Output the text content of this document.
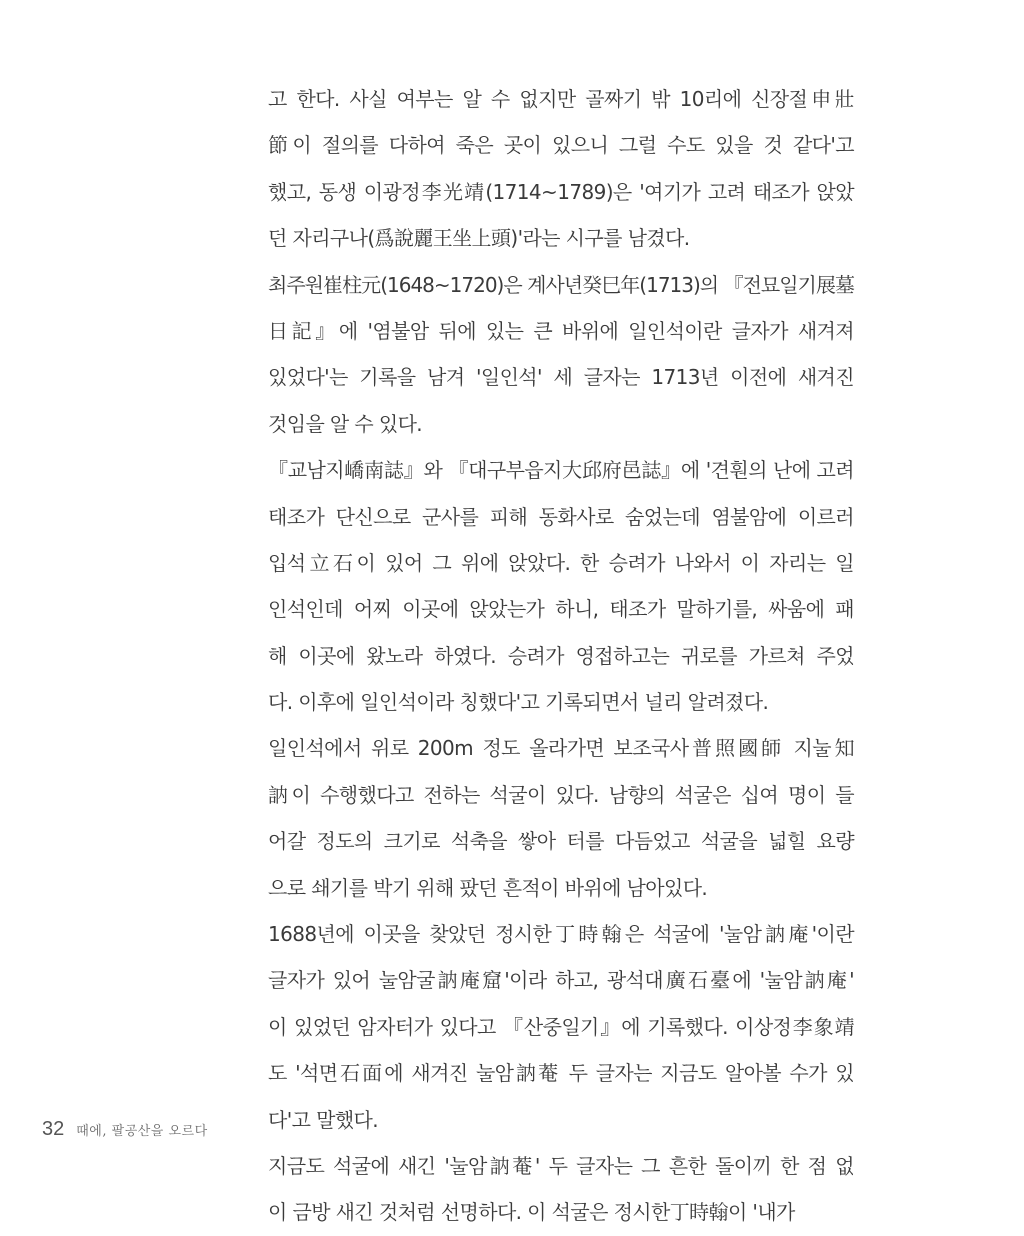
고 한다. 사실 여부는 알 수 없지만 골짜기 밖 10리에 신장절申壯
節이 절의를 다하여 죽은 곳이 있으니 그럴 수도 있을 것 같다'고
했고, 동생 이광정李光靖(1714~1789)은 '여기가 고려 태조가 앉았
던 자리구나(爲說麗王坐上頭)'라는 시구를 남겼다.
최주원崔柱元(1648~1720)은 계사년癸巳年(1713)의 『전묘일기展墓
日記』에 '염불암 뒤에 있는 큰 바위에 일인석이란 글자가 새겨져
있었다'는 기록을 남겨 '일인석' 세 글자는 1713년 이전에 새겨진
것임을 알 수 있다.
『교남지嶠南誌』와 『대구부읍지大邱府邑誌』에 '견훤의 난에 고려
태조가 단신으로 군사를 피해 동화사로 숨었는데 염불암에 이르러
입석立石이 있어 그 위에 앉았다. 한 승려가 나와서 이 자리는 일
인석인데 어찌 이곳에 앉았는가 하니, 태조가 말하기를, 싸움에 패
해 이곳에 왔노라 하였다. 승려가 영접하고는 귀로를 가르쳐 주었
다. 이후에 일인석이라 칭했다'고 기록되면서 널리 알려졌다.
일인석에서 위로 200m 정도 올라가면 보조국사普照國師 지눌知
訥이 수행했다고 전하는 석굴이 있다. 남향의 석굴은 십여 명이 들
어갈 정도의 크기로 석축을 쌓아 터를 다듬었고 석굴을 넓힐 요량
으로 쇄기를 박기 위해 팠던 흔적이 바위에 남아있다.
1688년에 이곳을 찾았던 정시한丁時翰은 석굴에 '눌암訥庵'이란
글자가 있어 눌암굴訥庵窟'이라 하고, 광석대廣石臺에 '눌암訥庵'
이 있었던 암자터가 있다고 『산중일기』에 기록했다. 이상정李象靖
도 '석면石面에 새겨진 눌암訥菴 두 글자는 지금도 알아볼 수가 있
다'고 말했다.
지금도 석굴에 새긴 '눌암訥菴' 두 글자는 그 흔한 돌이끼 한 점 없
이 금방 새긴 것처럼 선명하다. 이 석굴은 정시한丁時翰이 '내가
32 때에, 팔공산을 오르다
